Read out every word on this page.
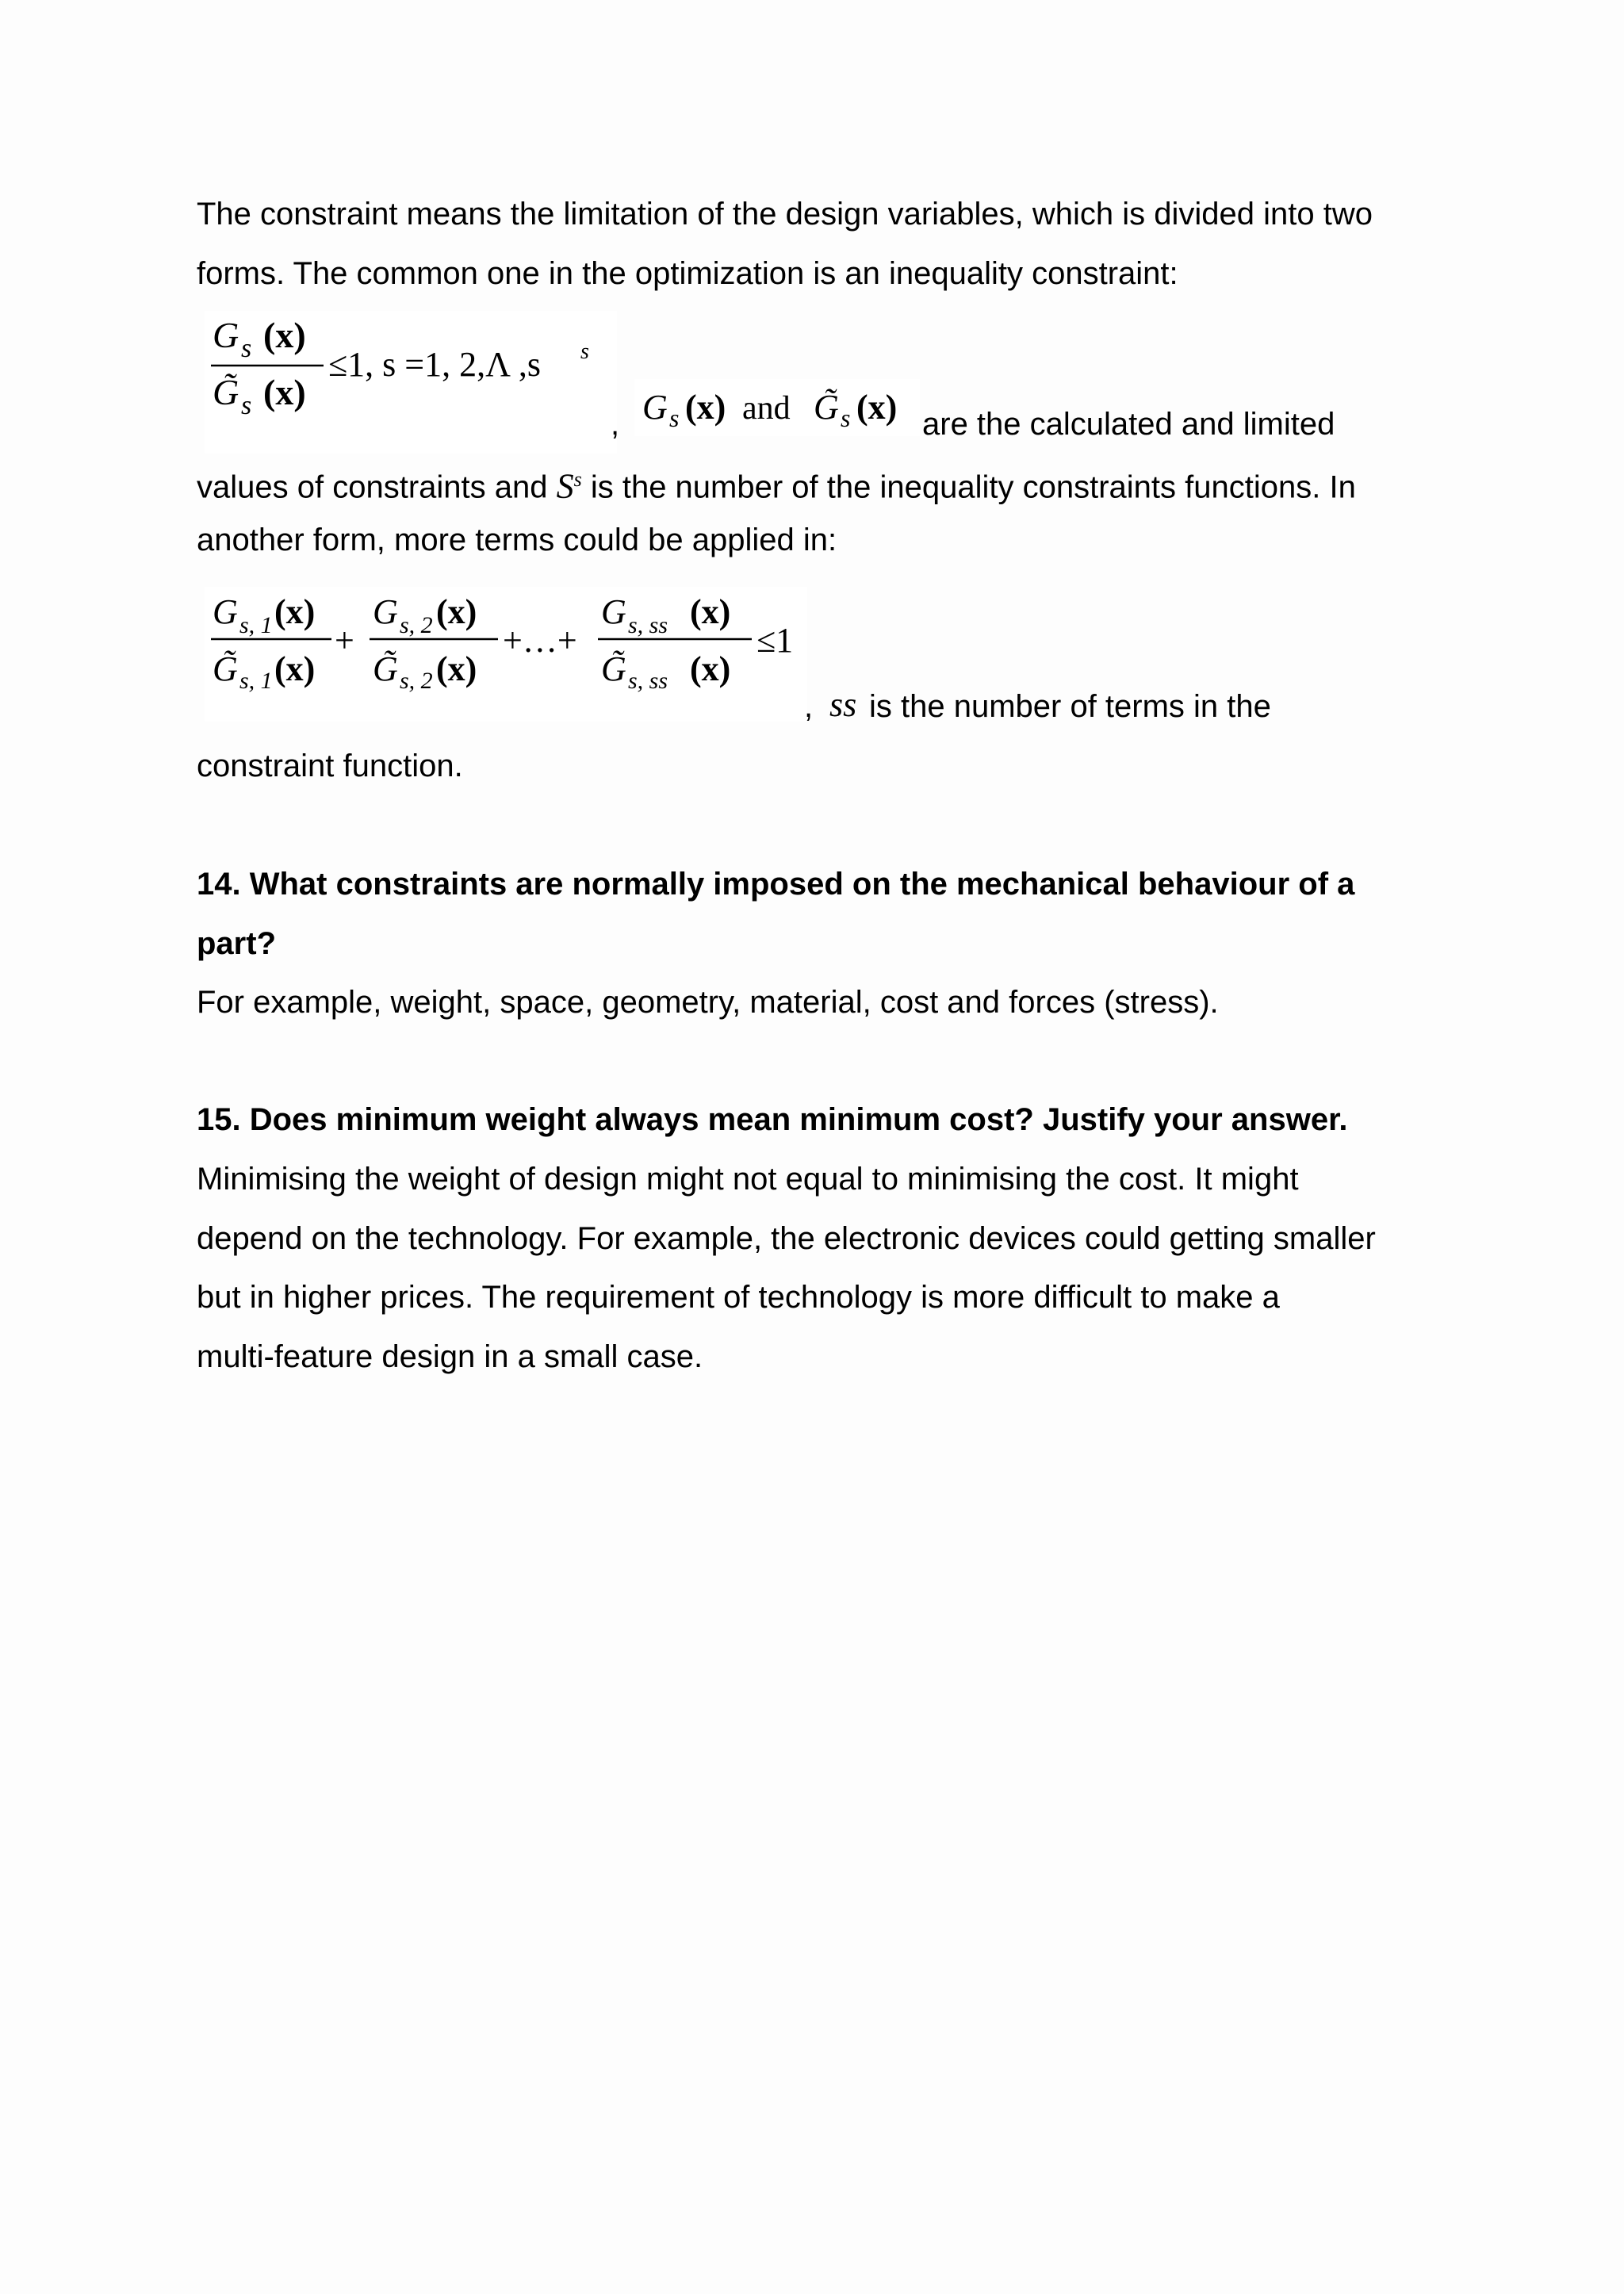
The constraint means the limitation of the design variables, which is divided into two
forms. The common one in the optimization is an inequality constraint:
G s (x)
G̃ s (x)
≤1, s =1, 2,Λ ,s s
, G s (x) and G̃ s (x) are the calculated and limited
values of constraints and $S^s$ is the number of the inequality constraints functions. In
another form, more terms could be applied in:
G s, 1 (x)
G̃ s, 1 (x)
+
G s, 2 (x)
G̃ s, 2 (x)
+…+
G s, ss (x)
G̃ s, ss (x)
≤1
, ss is the number of terms in the
constraint function.
14. What constraints are normally imposed on the mechanical behaviour of a
part?
For example, weight, space, geometry, material, cost and forces (stress).
15. Does minimum weight always mean minimum cost? Justify your answer.
Minimising the weight of design might not equal to minimising the cost. It might
depend on the technology. For example, the electronic devices could getting smaller
but in higher prices. The requirement of technology is more difficult to make a
multi-feature design in a small case.
